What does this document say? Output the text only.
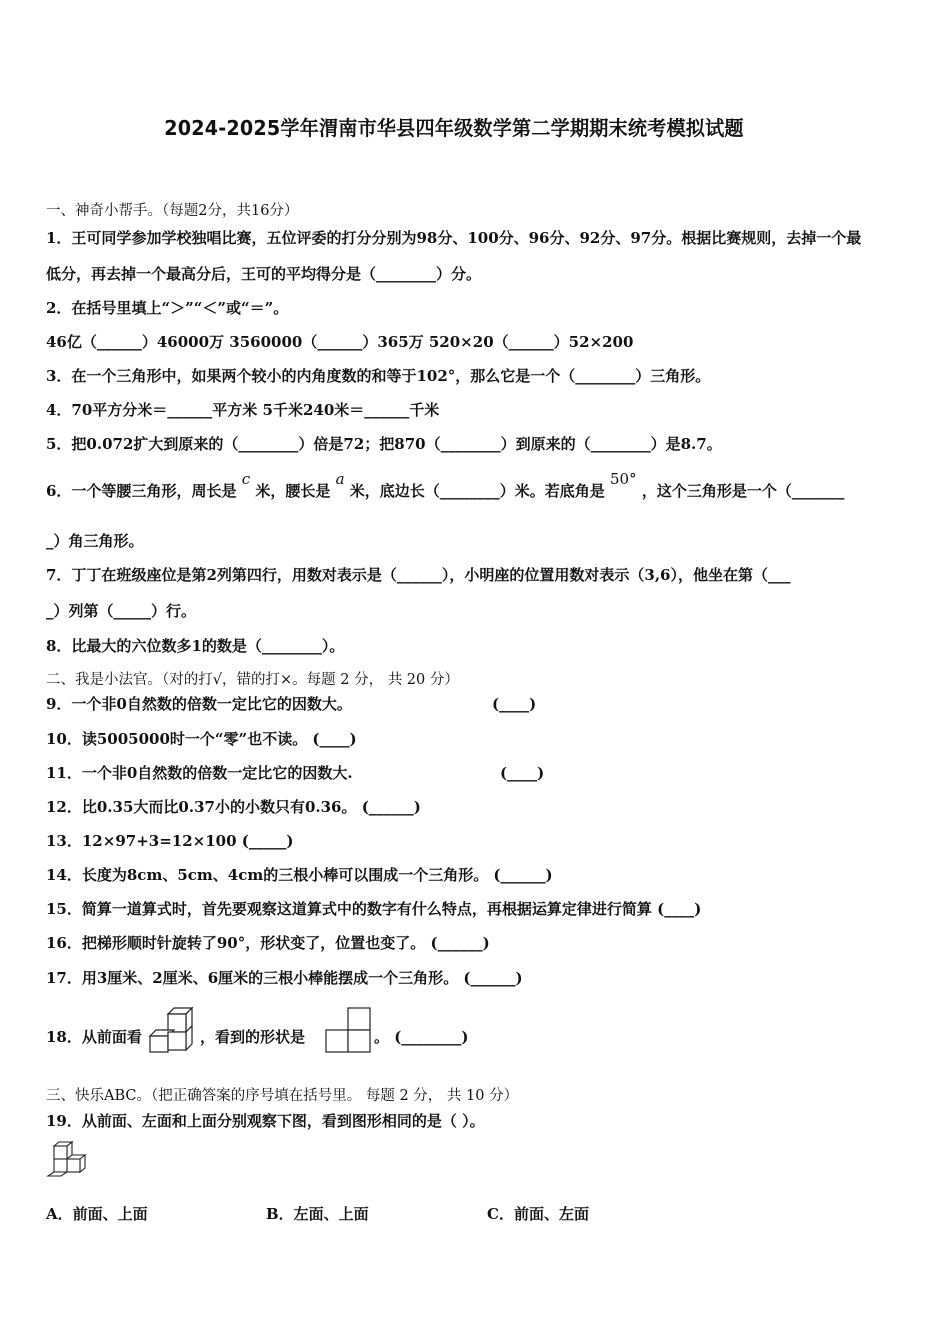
2024-2025学年渭南市华县四年级数学第二学期期末统考模拟试题
一、神奇小帮手。（每题2分，共16分）
1．王可同学参加学校独唱比赛，五位评委的打分分别为98分、100分、96分、92分、97分。根据比赛规则，去掉一个最
低分，再去掉一个最高分后，王可的平均得分是（________）分。
2．在括号里填上“＞”“＜”或“＝”。
46亿（______）46000万 3560000（______）365万 520×20（______）52×200
3．在一个三角形中，如果两个较小的内角度数的和等于102°，那么它是一个（________）三角形。
4．70平方分米＝______平方米 5千米240米＝______千米
5．把0.072扩大到原来的（________）倍是72；把870（________）到原来的（________）是8.7。
6．一个等腰三角形，周长是 c 米，腰长是 a 米，底边长（________）米。若底角是 50° ，这个三角形是一个（_______
_）角三角形。
7．丁丁在班级座位是第2列第四行，用数对表示是（______），小明座的位置用数对表示（3,6），他坐在第（___
_）列第（_____）行。
8．比最大的六位数多1的数是（________）。
二、我是小法官。（对的打√，错的打×。每题 2 分， 共 20 分）
9．一个非0自然数的倍数一定比它的因数大。	(____)
10．读5005000时一个“零”也不读。 (____)
11．一个非0自然数的倍数一定比它的因数大.	(____)
12．比0.35大而比0.37小的小数只有0.36。 (______)
13．12×97+3=12×100 (_____)
14．长度为8cm、5cm、4cm的三根小棒可以围成一个三角形。 (______)
15．简算一道算式时，首先要观察这道算式中的数字有什么特点，再根据运算定律进行简算 (____)
16．把梯形顺时针旋转了90°，形状变了，位置也变了。 (______)
17．用3厘米、2厘米、6厘米的三根小棒能摆成一个三角形。 (______)
18．从前面看	，看到的形状是	。 (________)
三、快乐ABC。（把正确答案的序号填在括号里。 每题 2 分， 共 10 分）
19．从前面、左面和上面分别观察下图，看到图形相同的是（ ）。
A．前面、上面	B．左面、上面	C．前面、左面
